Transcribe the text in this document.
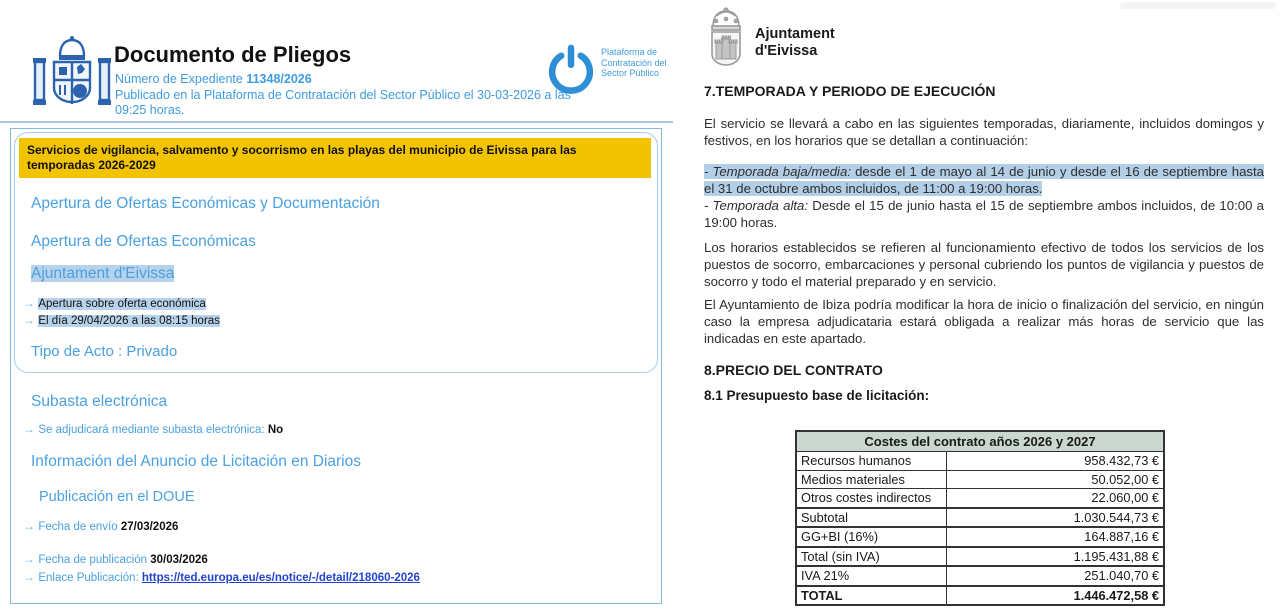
Documento de Pliegos
Número de Expediente 11348/2026
Publicado en la Plataforma de Contratación del Sector Público el 30-03-2026 a las 09:25 horas.
Plataforma de Contratación del Sector Público
Servicios de vigilancia, salvamento y socorrismo en las playas del municipio de Eivissa para las temporadas 2026-2029
Apertura de Ofertas Económicas y Documentación
Apertura de Ofertas Económicas
Ajuntament d'Eivissa
→ Apertura sobre oferta económica
→ El día 29/04/2026 a las 08:15 horas
Tipo de Acto : Privado
Subasta electrónica
→ Se adjudicará mediante subasta electrónica: No
Información del Anuncio de Licitación en Diarios
Publicación en el DOUE
→ Fecha de envío 27/03/2026
→ Fecha de publicación 30/03/2026
→ Enlace Publicación: https://ted.europa.eu/es/notice/-/detail/218060-2026
Ajuntament
d'Eivissa
7.TEMPORADA Y PERIODO DE EJECUCIÓN

El servicio se llevará a cabo en las siguientes temporadas, diariamente, incluidos domingos y festivos, en los horarios que se detallan a continuación:

- Temporada baja/media: desde el 1 de mayo al 14 de junio y desde el 16 de septiembre hasta el 31 de octubre ambos incluidos, de 11:00 a 19:00 horas.

- Temporada alta: Desde el 15 de junio hasta el 15 de septiembre ambos incluidos, de 10:00 a 19:00 horas.

Los horarios establecidos se refieren al funcionamiento efectivo de todos los servicios de los puestos de socorro, embarcaciones y personal cubriendo los puntos de vigilancia y puestos de socorro y todo el material preparado y en servicio.

El Ayuntamiento de Ibiza podría modificar la hora de inicio o finalización del servicio, en ningún caso la empresa adjudicataria estará obligada a realizar más horas de servicio que las indicadas en este apartado.

8.PRECIO DEL CONTRATO
8.1 Presupuesto base de licitación:
Costes del contrato años 2026 y 2027	
Recursos humanos	958.432,73 €
Medios materiales	50.052,00 €
Otros costes indirectos	22.060,00 €
Subtotal	1.030.544,73 €
GG+BI (16%)	164.887,16 €
Total (sin IVA)	1.195.431,88 €
IVA 21%	251.040,70 €
TOTAL	1.446.472,58 €
